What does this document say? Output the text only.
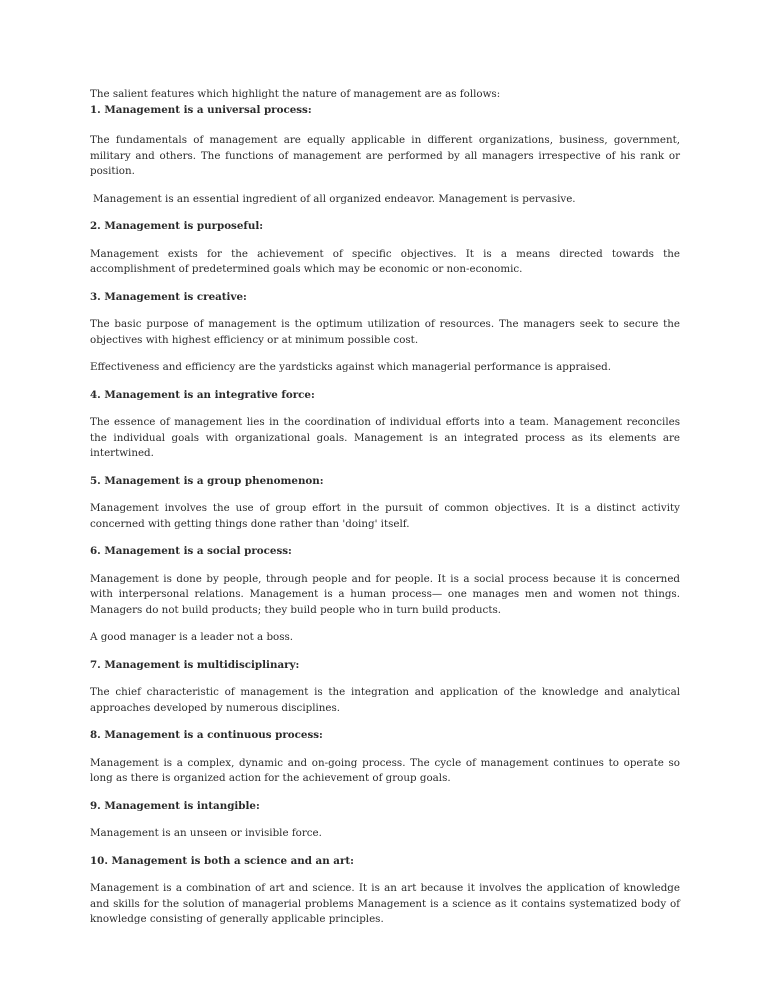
The salient features which highlight the nature of management are as follows:

1. Management is a universal process:

The fundamentals of management are equally applicable in different organizations, business, government, military and others. The functions of management are performed by all managers irrespective of his rank or position.

Management is an essential ingredient of all organized endeavor. Management is pervasive.

2. Management is purposeful:

Management exists for the achievement of specific objectives. It is a means directed towards the accomplishment of predetermined goals which may be economic or non-economic.

3. Management is creative:

The basic purpose of management is the optimum utilization of resources. The managers seek to secure the objectives with highest efficiency or at minimum possible cost.

Effectiveness and efficiency are the yardsticks against which managerial performance is appraised.

4. Management is an integrative force:

The essence of management lies in the coordination of individual efforts into a team. Management reconciles the individual goals with organizational goals. Management is an integrated process as its elements are intertwined.

5. Management is a group phenomenon:

Management involves the use of group effort in the pursuit of common objectives. It is a distinct activity concerned with getting things done rather than 'doing' itself.

6. Management is a social process:

Management is done by people, through people and for people. It is a social process because it is concerned with interpersonal relations. Management is a human process— one manages men and women not things. Managers do not build products; they build people who in turn build products.

A good manager is a leader not a boss.

7. Management is multidisciplinary:

The chief characteristic of management is the integration and application of the knowledge and analytical approaches developed by numerous disciplines.

8. Management is a continuous process:

Management is a complex, dynamic and on-going process. The cycle of management continues to operate so long as there is organized action for the achievement of group goals.

9. Management is intangible:

Management is an unseen or invisible force.

10. Management is both a science and an art:

Management is a combination of art and science. It is an art because it involves the application of knowledge and skills for the solution of managerial problems Management is a science as it contains systematized body of knowledge consisting of generally applicable principles.
